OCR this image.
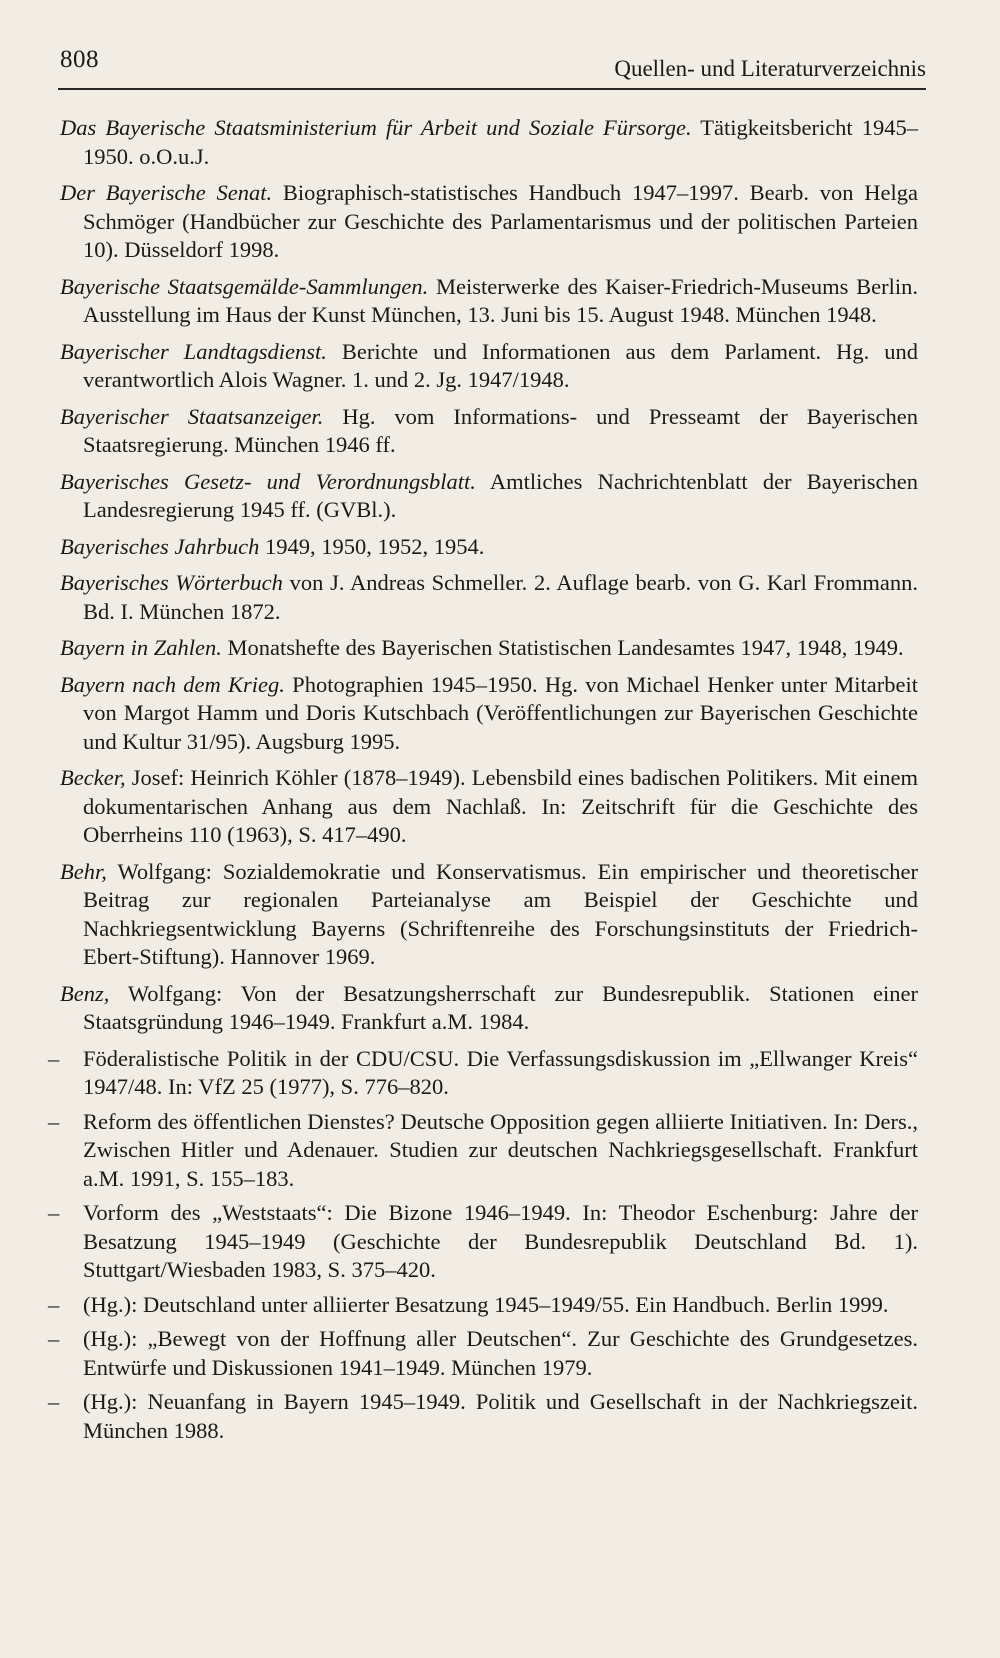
808	Quellen- und Literaturverzeichnis

Das Bayerische Staatsministerium für Arbeit und Soziale Fürsorge. Tätigkeitsbericht 1945–1950. o.O.u.J.

Der Bayerische Senat. Biographisch-statistisches Handbuch 1947–1997. Bearb. von Helga Schmöger (Handbücher zur Geschichte des Parlamentarismus und der politischen Parteien 10). Düsseldorf 1998.

Bayerische Staatsgemälde-Sammlungen. Meisterwerke des Kaiser-Friedrich-Museums Berlin. Ausstellung im Haus der Kunst München, 13. Juni bis 15. August 1948. München 1948.

Bayerischer Landtagsdienst. Berichte und Informationen aus dem Parlament. Hg. und verantwortlich Alois Wagner. 1. und 2. Jg. 1947/1948.

Bayerischer Staatsanzeiger. Hg. vom Informations- und Presseamt der Bayerischen Staatsregierung. München 1946 ff.

Bayerisches Gesetz- und Verordnungsblatt. Amtliches Nachrichtenblatt der Bayerischen Landesregierung 1945 ff. (GVBl.).

Bayerisches Jahrbuch 1949, 1950, 1952, 1954.

Bayerisches Wörterbuch von J. Andreas Schmeller. 2. Auflage bearb. von G. Karl Frommann. Bd. I. München 1872.

Bayern in Zahlen. Monatshefte des Bayerischen Statistischen Landesamtes 1947, 1948, 1949.

Bayern nach dem Krieg. Photographien 1945–1950. Hg. von Michael Henker unter Mitarbeit von Margot Hamm und Doris Kutschbach (Veröffentlichungen zur Bayerischen Geschichte und Kultur 31/95). Augsburg 1995.

Becker, Josef: Heinrich Köhler (1878–1949). Lebensbild eines badischen Politikers. Mit einem dokumentarischen Anhang aus dem Nachlaß. In: Zeitschrift für die Geschichte des Oberrheins 110 (1963), S. 417–490.

Behr, Wolfgang: Sozialdemokratie und Konservatismus. Ein empirischer und theoretischer Beitrag zur regionalen Parteianalyse am Beispiel der Geschichte und Nachkriegsentwicklung Bayerns (Schriftenreihe des Forschungsinstituts der Friedrich-Ebert-Stiftung). Hannover 1969.

Benz, Wolfgang: Von der Besatzungsherrschaft zur Bundesrepublik. Stationen einer Staatsgründung 1946–1949. Frankfurt a.M. 1984.

– Föderalistische Politik in der CDU/CSU. Die Verfassungsdiskussion im „Ellwanger Kreis“ 1947/48. In: VfZ 25 (1977), S. 776–820.

– Reform des öffentlichen Dienstes? Deutsche Opposition gegen alliierte Initiativen. In: Ders., Zwischen Hitler und Adenauer. Studien zur deutschen Nachkriegsgesellschaft. Frankfurt a.M. 1991, S. 155–183.

– Vorform des „Weststaats“: Die Bizone 1946–1949. In: Theodor Eschenburg: Jahre der Besatzung 1945–1949 (Geschichte der Bundesrepublik Deutschland Bd. 1). Stuttgart/Wiesbaden 1983, S. 375–420.

– (Hg.): Deutschland unter alliierter Besatzung 1945–1949/55. Ein Handbuch. Berlin 1999.

– (Hg.): „Bewegt von der Hoffnung aller Deutschen“. Zur Geschichte des Grundgesetzes. Entwürfe und Diskussionen 1941–1949. München 1979.

– (Hg.): Neuanfang in Bayern 1945–1949. Politik und Gesellschaft in der Nachkriegszeit. München 1988.
